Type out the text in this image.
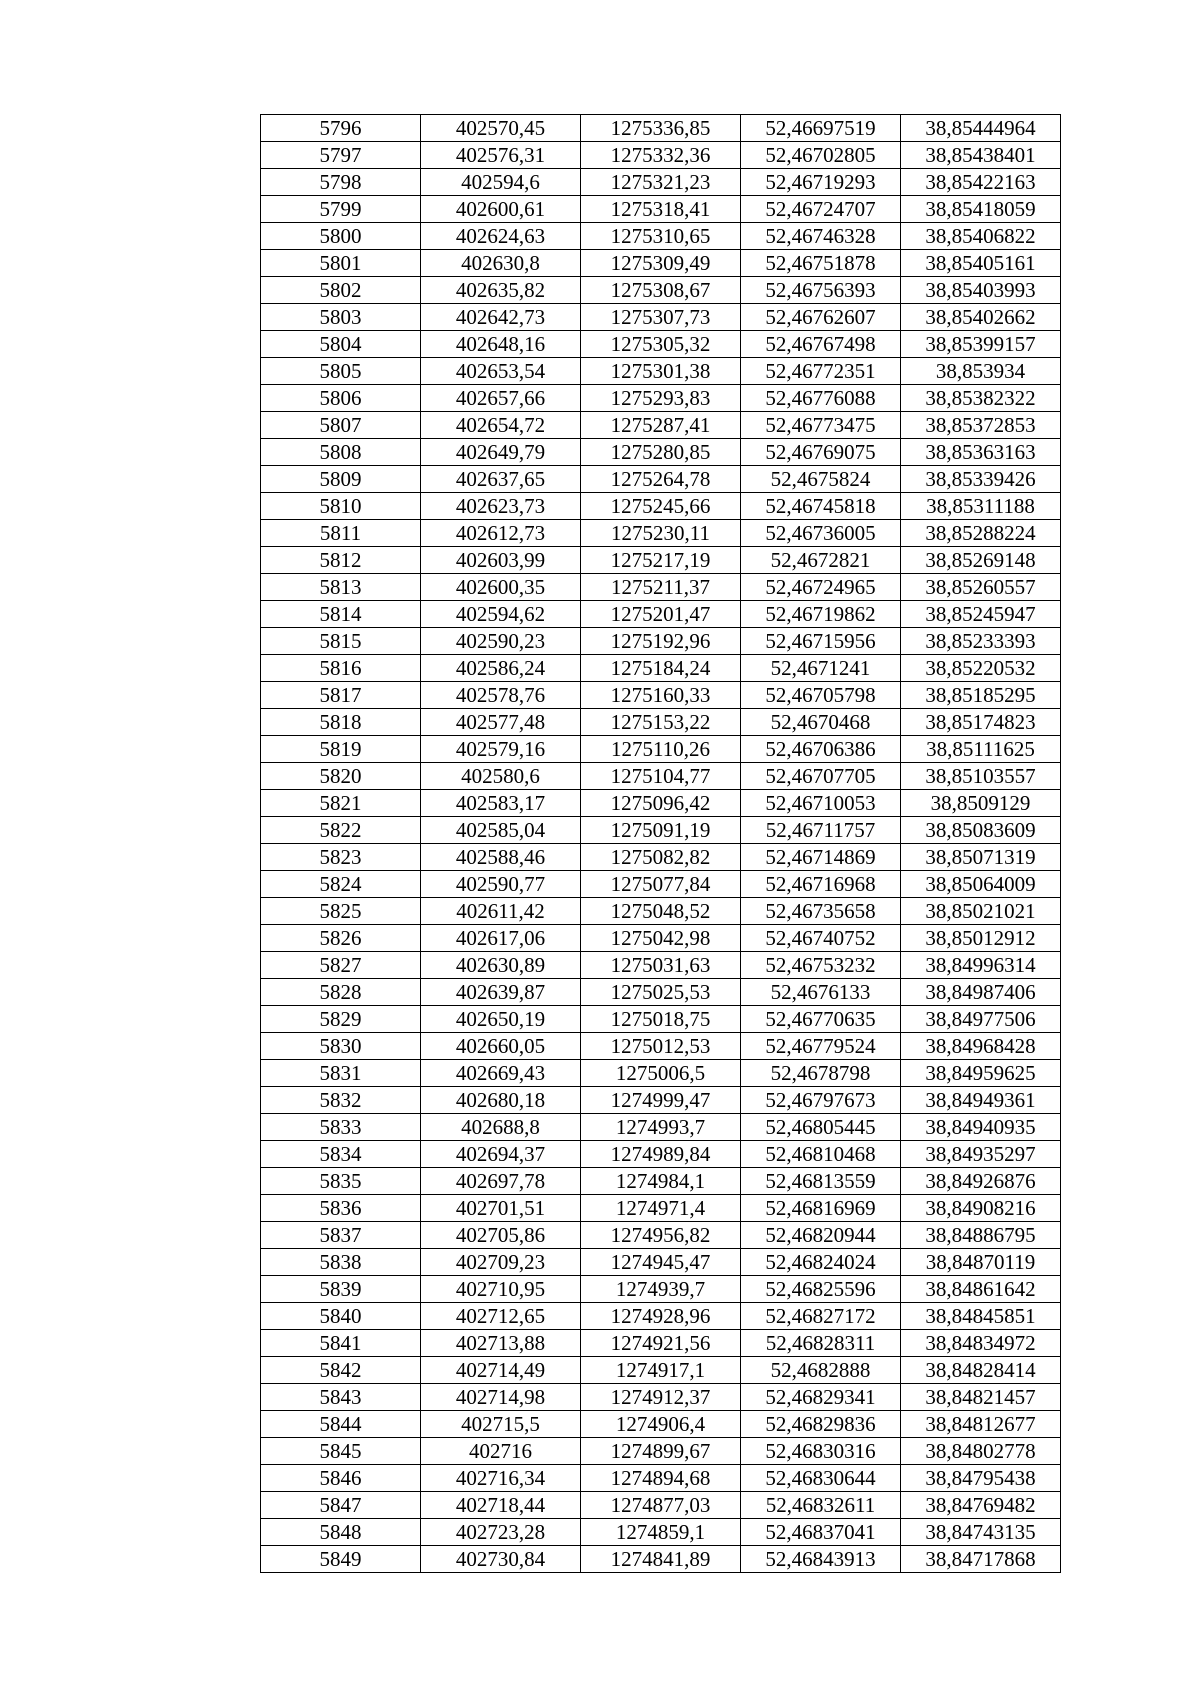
5796	402570,45	1275336,85	52,46697519	38,85444964
5797	402576,31	1275332,36	52,46702805	38,85438401
5798	402594,6	1275321,23	52,46719293	38,85422163
5799	402600,61	1275318,41	52,46724707	38,85418059
5800	402624,63	1275310,65	52,46746328	38,85406822
5801	402630,8	1275309,49	52,46751878	38,85405161
5802	402635,82	1275308,67	52,46756393	38,85403993
5803	402642,73	1275307,73	52,46762607	38,85402662
5804	402648,16	1275305,32	52,46767498	38,85399157
5805	402653,54	1275301,38	52,46772351	38,853934
5806	402657,66	1275293,83	52,46776088	38,85382322
5807	402654,72	1275287,41	52,46773475	38,85372853
5808	402649,79	1275280,85	52,46769075	38,85363163
5809	402637,65	1275264,78	52,4675824	38,85339426
5810	402623,73	1275245,66	52,46745818	38,85311188
5811	402612,73	1275230,11	52,46736005	38,85288224
5812	402603,99	1275217,19	52,4672821	38,85269148
5813	402600,35	1275211,37	52,46724965	38,85260557
5814	402594,62	1275201,47	52,46719862	38,85245947
5815	402590,23	1275192,96	52,46715956	38,85233393
5816	402586,24	1275184,24	52,4671241	38,85220532
5817	402578,76	1275160,33	52,46705798	38,85185295
5818	402577,48	1275153,22	52,4670468	38,85174823
5819	402579,16	1275110,26	52,46706386	38,85111625
5820	402580,6	1275104,77	52,46707705	38,85103557
5821	402583,17	1275096,42	52,46710053	38,8509129
5822	402585,04	1275091,19	52,46711757	38,85083609
5823	402588,46	1275082,82	52,46714869	38,85071319
5824	402590,77	1275077,84	52,46716968	38,85064009
5825	402611,42	1275048,52	52,46735658	38,85021021
5826	402617,06	1275042,98	52,46740752	38,85012912
5827	402630,89	1275031,63	52,46753232	38,84996314
5828	402639,87	1275025,53	52,4676133	38,84987406
5829	402650,19	1275018,75	52,46770635	38,84977506
5830	402660,05	1275012,53	52,46779524	38,84968428
5831	402669,43	1275006,5	52,4678798	38,84959625
5832	402680,18	1274999,47	52,46797673	38,84949361
5833	402688,8	1274993,7	52,46805445	38,84940935
5834	402694,37	1274989,84	52,46810468	38,84935297
5835	402697,78	1274984,1	52,46813559	38,84926876
5836	402701,51	1274971,4	52,46816969	38,84908216
5837	402705,86	1274956,82	52,46820944	38,84886795
5838	402709,23	1274945,47	52,46824024	38,84870119
5839	402710,95	1274939,7	52,46825596	38,84861642
5840	402712,65	1274928,96	52,46827172	38,84845851
5841	402713,88	1274921,56	52,46828311	38,84834972
5842	402714,49	1274917,1	52,4682888	38,84828414
5843	402714,98	1274912,37	52,46829341	38,84821457
5844	402715,5	1274906,4	52,46829836	38,84812677
5845	402716	1274899,67	52,46830316	38,84802778
5846	402716,34	1274894,68	52,46830644	38,84795438
5847	402718,44	1274877,03	52,46832611	38,84769482
5848	402723,28	1274859,1	52,46837041	38,84743135
5849	402730,84	1274841,89	52,46843913	38,84717868
